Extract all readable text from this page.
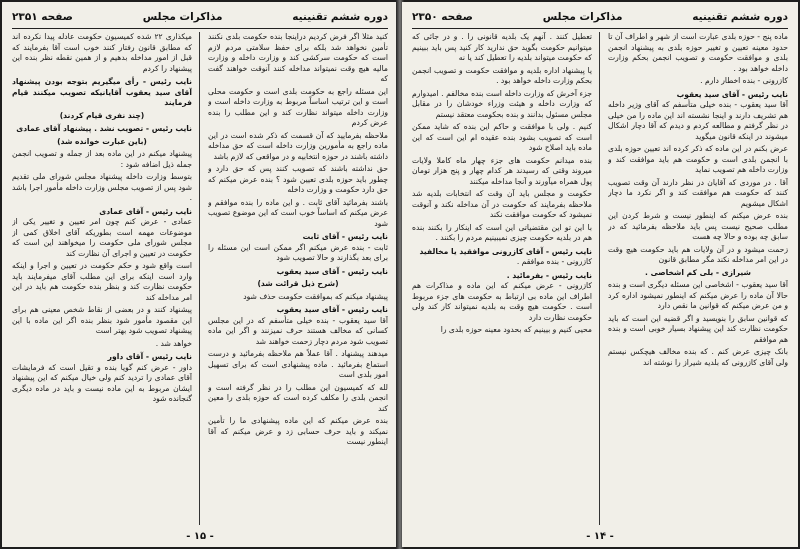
دوره ششم تقنینیه
مذاکرات مجلس
صفحه ۲۳۵۱

کنید مثلا اگر فرض کردیم دراینجا بنده حکومت بلدی نکنند تأمین نخواهد شد بلکه برای حفظ سلامتی مردم لازم است که حکومت سرکشی کند و وزارت داخله و وزارت مالیه هیچ وقت نمیتواند مداخله کنند آنوقت خواهند گفت که

این مسئله راجع به حکومت بلدی است و حکومت محلی است و این ترتیب اساساً مربوط به وزارت داخله است و وزارت داخله میتواند نظارت کند و این مطلب را بنده عرض کردم

ملاحظه بفرمایید که آن قسمت که ذکر شده است در این ماده راجع به مأمورین وزارت داخله است که حق مداخله داشته باشند در حوزه انتخابیه و در مواقعی که لازم باشد

حق نداشته باشند که تصویب کنند پس که حق دارد و چطور باید حوزه بلدی تعیین شود ؟ بنده عرض میکنم که حق دارد حکومت و وزارت داخله

باشند بفرمائید آقای ثابت . و این ماده را بنده موافقم و عرض میکنم که اساساً خوب است که این موضوع تصویب شود

نایب رئیس - آقای ثابت

ثابت - بنده عرض میکنم اگر ممکن است این مسئله را برای بعد بگذارند و حالا تصویب شود

نایب رئیس - آقای سید یعقوب
(شرح ذیل قرائت شد)

پیشنهاد میکنم که بموافقت حکومت حذف شود

نایب رئیس - آقای سید یعقوب

آقا سید یعقوب - بنده خیلی متأسفم که در این مجلس کسانی که مخالف هستند حرف نمیزنند و اگر این ماده تصویب شود مردم دچار زحمت خواهند شد

میدهند پیشنهاد . آقا عملاً هم ملاحظه بفرمائید و درست استماع بفرمائید . ماده پیشنهادی است که برای تسهیل امور بلدی است

لله که کمیسیون این مطلب را در نظر گرفته است و انجمن بلدی را مکلف کرده است که حوزه بلدی را معین کند

بنده عرض میکنم که این ماده پیشنهادی ما را تأمین نمیکند و باید حرف حسابی زد و عرض میکنم که آقا اینطور نیست

میکذاری ۲۲ شده کمیسیون حکومت عادله پیدا نکرده اند که مطابق قانون رفتار کنند خوب است آقا بفرمایند که قبل از امور مداخله بدهیم و از همین نقطه نظر بنده این پیشنهاد را کردم

نایب رئیس - رأی میگیریم بتوجه بودن پیشنهاد آقای سید یعقوب آقایانیکه تصویب میکنند قیام فرمایند
(چند نفری قیام کردند)
نایب رئیس - تصویب نشد . پیشنهاد آقای عمادی
(باین عبارت خوانده شد)

پیشنهاد میکنم در این ماده بعد از جمله و تصویب انجمن جمله ذیل اضافه شود :

بتوسط وزارت داخله پیشنهاد مجلس شورای ملی تقدیم شود پس از تصویب مجلس وزارت داخله مأمور اجرا باشد .

نایب رئیس - آقای عمادی

عمادی - عرض کنم چون امر تعیین و تغییر یکی از موضوعات مهمه است بطوریکه آقای اخلاق کمی از مجلس شورای ملی حکومت را میخواهند این است که حکومت در تعیین و اجرای آن نظارت کند

است واقع شود و حکم حکومت در تعیین و اجرا و اینکه وارد است اینکه برای این مطلب آقای میفرمایند باید حکومت نظارت کند و بنظر بنده حکومت هم باید در این امر مداخله کند

پیشنهاد کنند و در بعضی از نقاط شخص معینی هم برای این مقصود مأمور شود بنظر بنده اگر این ماده با این پیشنهاد تصویب شود بهتر است

خواهد شد .

نایب رئیس - آقای داور

داور - عرض کنم گویا بنده و تقیل است که فرمایشات آقای عمادی را تردید کنم ولی خیال میکنم که این پیشنهاد ایشان مربوط به این ماده نیست و باید در ماده دیگری گنجانده شود

- ۱۵ -
دوره ششم تقنینیه
مذاکرات مجلس
صفحه ۲۳۵۰

ماده پنج - حوزه بلدی عبارت است از شهر و اطراف آن تا حدود معینه تعیین و تغییر حوزه بلدی به پیشنهاد انجمن بلدی و موافقت حکومت و تصویب انجمن بحکم وزارت داخله خواهد بود .

کازرونی - بنده اخطار دارم .

نایب رئیس - آقای سید یعقوب

آقا سید یعقوب - بنده خیلی متأسفم که آقای وزیر داخله هم تشریف دارند و اینجا نشسته اند این ماده را من خیلی در نظر گرفتم و مطالعه کردم و دیدم که آقا دچار اشکال میشوند در اینکه قانون میگوید

عرض بکنم در این ماده که ذکر کرده اند تعیین حوزه بلدی با انجمن بلدی است و حکومت هم باید موافقت کند و وزارت داخله هم تصویب نماید

آقا . در موردی که آقایان در نظر دارند آن وقت تصویب کنند که حکومت هم موافقت کند و اگر نکرد ما دچار اشکال میشویم

بنده عرض میکنم که اینطور نیست و شرط کردن این مطلب صحیح نیست پس باید ملاحظه بفرمائید که در سابق چه بوده و حالا چه هست

زحمت میشود و در آن ولایات هم باید حکومت هیچ وقت در این امر مداخله نکند مگر مطابق قانون

شیرازی - بلی کم اشخاصی .

آقا سید یعقوب - اشخاصی این مسئله دیگری است و بنده حالا آن ماده را عرض میکنم که اینطور نمیشود اداره کرد و من عرض میکنم که قوانین ما نقص دارد

که قوانین سابق را بنویسید و اگر قضیه این است که باید حکومت نظارت کند این پیشنهاد بسیار خوبی است و بنده هم موافقم

بانک چیزی عرض کنم . که بنده مخالف هیچکس نیستم ولی آقای کازرونی که بلدیه شیراز را نوشته اند

تعطیل کنند . آنهم یک بلدیه قانونی را . و در جائی که میتوانیم حکومت بگوید حق ندارید کار کنید پس باید ببینیم که حکومت میتواند بلدیه را تعطیل کند یا نه

یا پیشنهاد اداره بلدیه و موافقت حکومت و تصویب انجمن بحکم وزارت داخله خواهد بود .

جزء آخرش که وزارت داخله است بنده مخالفم . امیدوارم که وزارت داخله و هیئت وزراء خودشان را در مقابل مجلس مسئول بدانند و بنده بحکومت معتقد نیستم

کنیم . ولی با موافقت و حاکم این بنده که شاید ممکن است که تصویب بشود بنده عقیده ام این است که این ماده باید اصلاح شود

بنده میدانم حکومت های جزء چهار ماه کاملا ولایات میروند وقتی که رسیدند هر کدام چهار و پنج هزار تومان پول همراه میآورند و آنجا مداخله میکنند

حکومت و مجلس باید آن وقت که انتخابات بلدیه شد ملاحظه بفرمایند که حکومت در آن مداخله نکند و آنوقت نمیشود که حکومت موافقت نکند

با این تو این مقتضیاتی این است که اینکار را بکنند بنده هم در بلدیه حکومت چیزی نمیبینیم مردم را بکنند .

نایب رئیس - آقای کازرونی موافقید یا مخالفید

کازرونی - بنده موافقم .

نایب رئیس - بفرمائید .

کازرونی - عرض میکنم که این ماده و مذاکرات هم اطراف این ماده بی ارتباط به حکومت های جزء مربوط است . حکومت هیچ وقت به بلدیه نمیتواند کار کند ولی حکومت نظارت دارد

محیی کنیم و بیینیم که بحدود معینه حوزه بلدی را

- ۱۴ -
